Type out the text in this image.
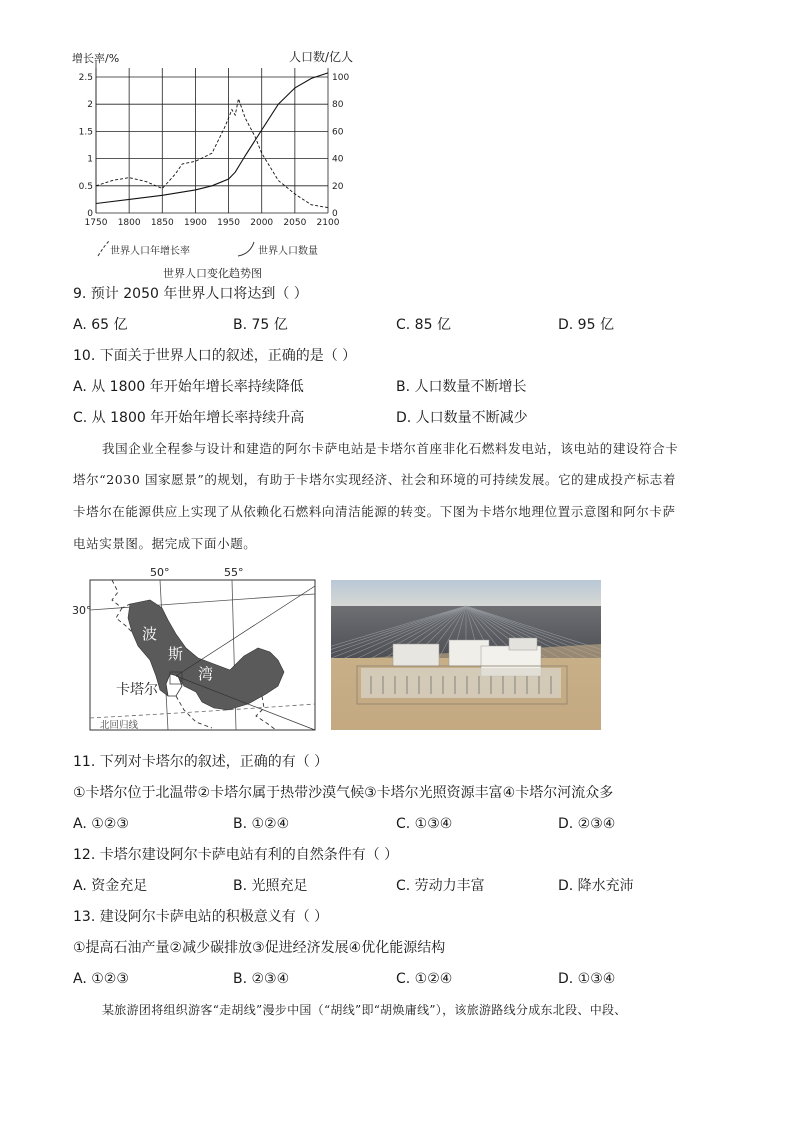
增长率/%	人口数/亿人
1750 1800 1850 1900 1950 2000 2050 2100
0
0.5
1
1.5
2
2.5
0
20
40
60
80
100
世界人口年增长率	世界人口数量
世界人口变化趋势图
9. 预计 2050 年世界人口将达到（ ）
A. 65 亿	B. 75 亿	C. 85 亿	D. 95 亿
10. 下面关于世界人口的叙述，正确的是（ ）
A. 从 1800 年开始年增长率持续降低	B. 人口数量不断增长
C. 从 1800 年开始年增长率持续升高	D. 人口数量不断减少
我国企业全程参与设计和建造的阿尔卡萨电站是卡塔尔首座非化石燃料发电站，该电站的建设符合卡
塔尔“2030 国家愿景”的规划，有助于卡塔尔实现经济、社会和环境的可持续发展。它的建成投产标志着
卡塔尔在能源供应上实现了从依赖化石燃料向清洁能源的转变。下图为卡塔尔地理位置示意图和阿尔卡萨
电站实景图。据完成下面小题。
50°	55°
30°
波
斯
湾
卡塔尔
北回归线
11. 下列对卡塔尔的叙述，正确的有（ ）
①卡塔尔位于北温带②卡塔尔属于热带沙漠气候③卡塔尔光照资源丰富④卡塔尔河流众多
A. ①②③	B. ①②④	C. ①③④	D. ②③④
12. 卡塔尔建设阿尔卡萨电站有利的自然条件有（ ）
A. 资金充足	B. 光照充足	C. 劳动力丰富	D. 降水充沛
13. 建设阿尔卡萨电站的积极意义有（ ）
①提高石油产量②减少碳排放③促进经济发展④优化能源结构
A. ①②③	B. ②③④	C. ①②④	D. ①③④
某旅游团将组织游客“走胡线”漫步中国（“胡线”即“胡焕庸线”），该旅游路线分成东北段、中段、
